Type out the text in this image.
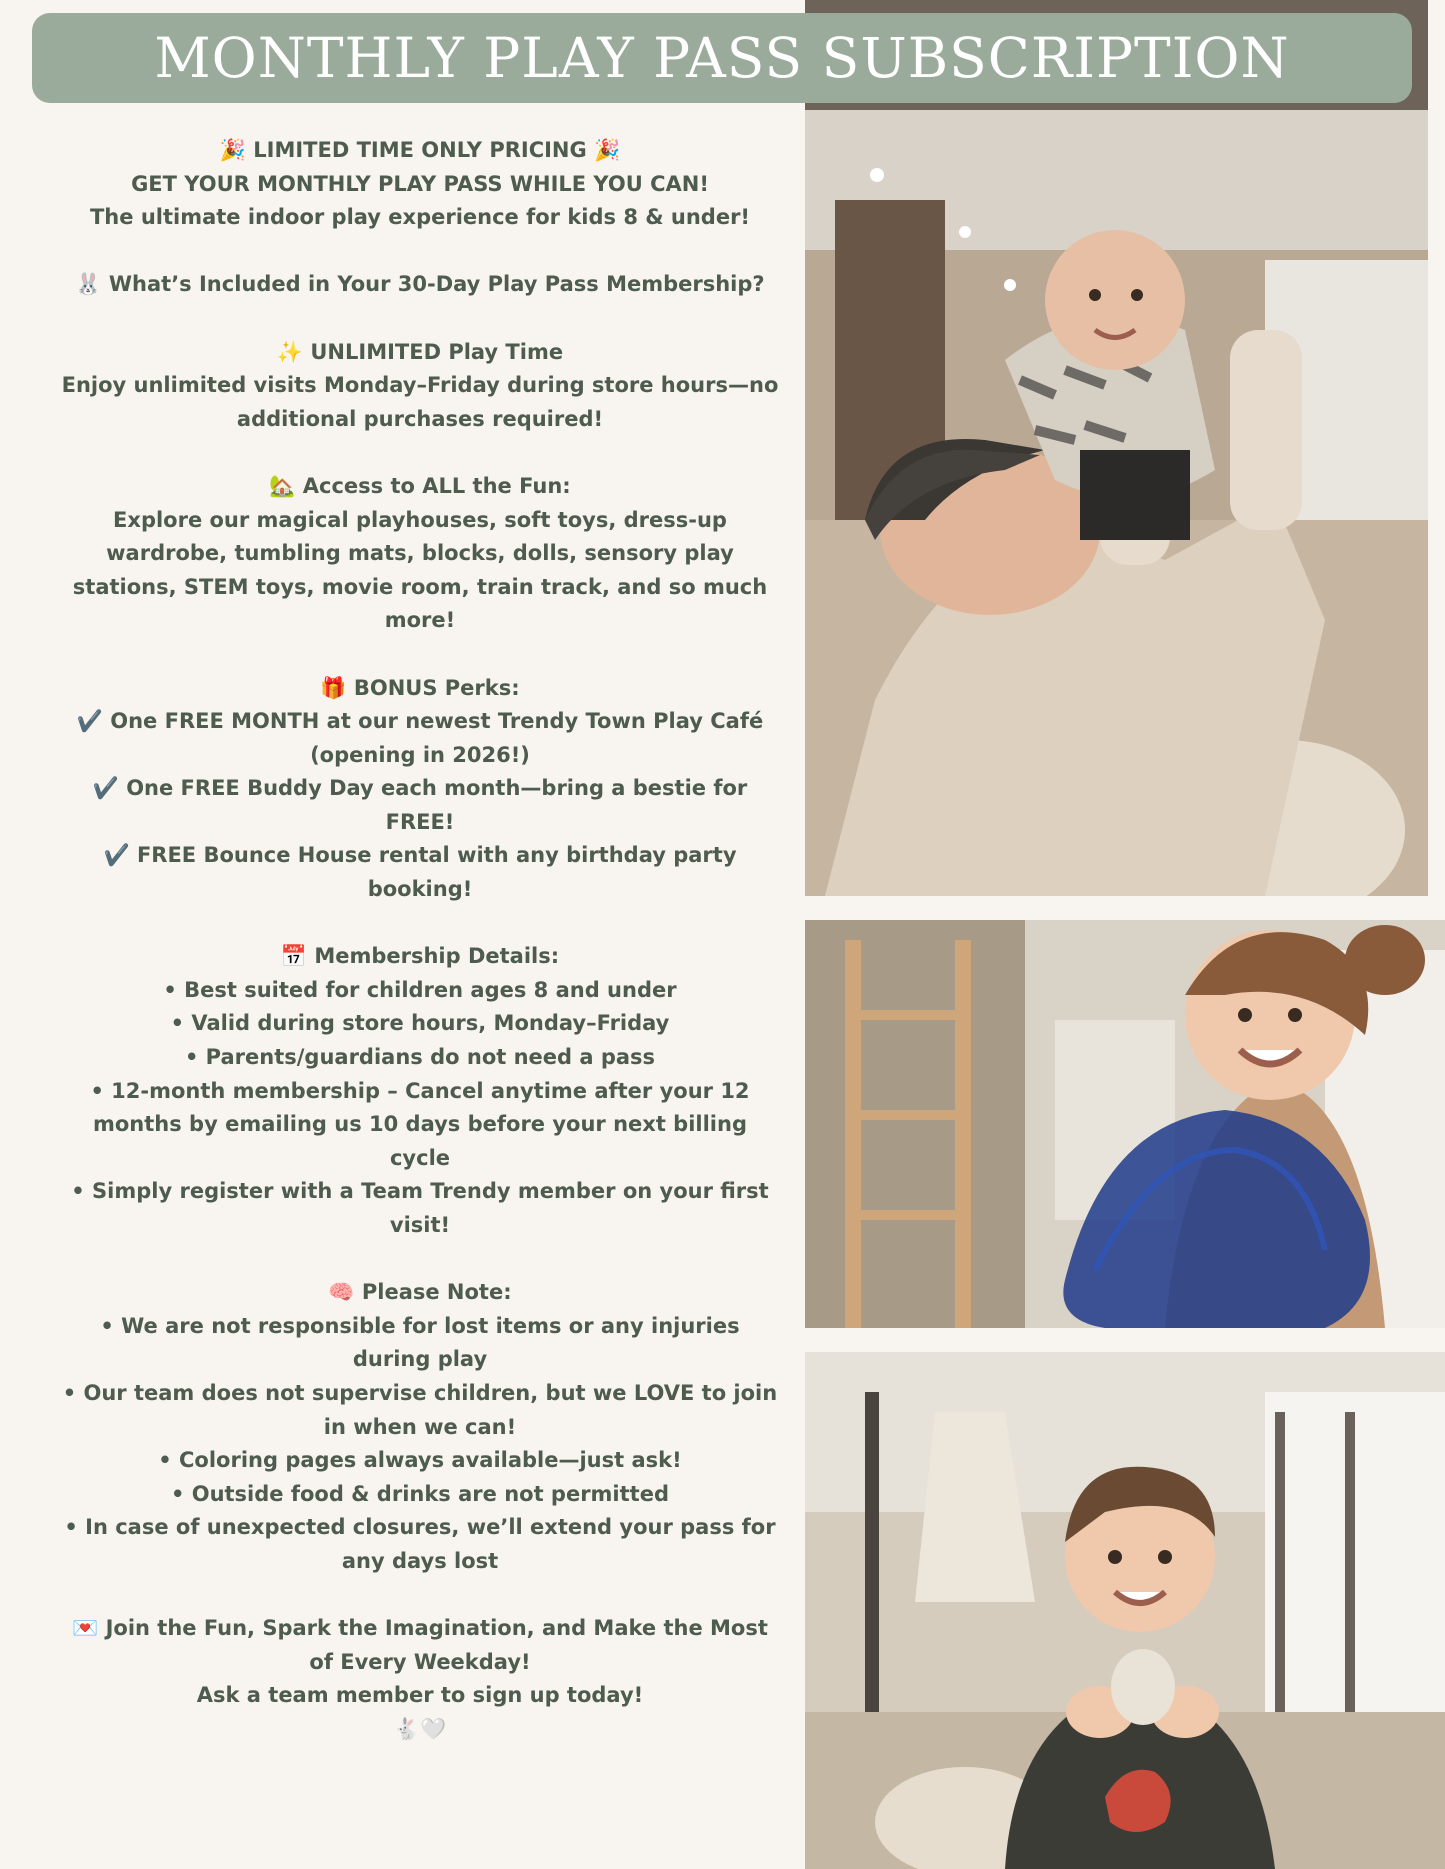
MONTHLY PLAY PASS SUBSCRIPTION

🎉 LIMITED TIME ONLY PRICING 🎉

GET YOUR MONTHLY PLAY PASS WHILE YOU CAN!

The ultimate indoor play experience for kids 8 & under!

🐰 What’s Included in Your 30-Day Play Pass Membership?

✨ UNLIMITED Play Time

Enjoy unlimited visits Monday–Friday during store hours—no additional purchases required!

🏡 Access to ALL the Fun:

Explore our magical playhouses, soft toys, dress-up wardrobe, tumbling mats, blocks, dolls, sensory play stations, STEM toys, movie room, train track, and so much more!

🎁 BONUS Perks:

✔️ One FREE MONTH at our newest Trendy Town Play Café (opening in 2026!)

✔️ One FREE Buddy Day each month—bring a bestie for FREE!

✔️ FREE Bounce House rental with any birthday party booking!

📅 Membership Details:

• Best suited for children ages 8 and under

• Valid during store hours, Monday–Friday

• Parents/guardians do not need a pass

• 12-month membership – Cancel anytime after your 12 months by emailing us 10 days before your next billing cycle

• Simply register with a Team Trendy member on your first visit!

🧠 Please Note:

• We are not responsible for lost items or any injuries during play

• Our team does not supervise children, but we LOVE to join in when we can!

• Coloring pages always available—just ask!

• Outside food & drinks are not permitted

• In case of unexpected closures, we’ll extend your pass for any days lost

💌 Join the Fun, Spark the Imagination, and Make the Most of Every Weekday!

Ask a team member to sign up today!

🐇🤍
